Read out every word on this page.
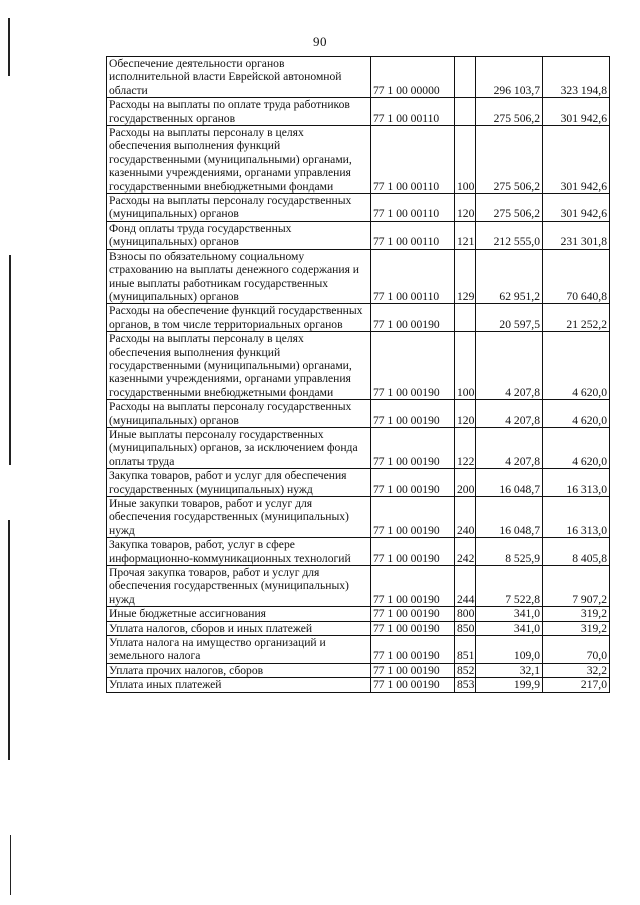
90
Обеспечение деятельности органов исполнительной власти Еврейской автономной области	77 1 00 00000		296 103,7	323 194,8
Расходы на выплаты по оплате труда работников государственных органов	77 1 00 00110		275 506,2	301 942,6
Расходы на выплаты персоналу в целях обеспечения выполнения функций государственными (муниципальными) органами, казенными учреждениями, органами управления государственными внебюджетными фондами	77 1 00 00110	100	275 506,2	301 942,6
Расходы на выплаты персоналу государственных (муниципальных) органов	77 1 00 00110	120	275 506,2	301 942,6
Фонд оплаты труда государственных (муниципальных) органов	77 1 00 00110	121	212 555,0	231 301,8
Взносы по обязательному социальному страхованию на выплаты денежного содержания и иные выплаты работникам государственных (муниципальных) органов	77 1 00 00110	129	62 951,2	70 640,8
Расходы на обеспечение функций государственных органов, в том числе территориальных органов	77 1 00 00190		20 597,5	21 252,2
Расходы на выплаты персоналу в целях обеспечения выполнения функций государственными (муниципальными) органами, казенными учреждениями, органами управления государственными внебюджетными фондами	77 1 00 00190	100	4 207,8	4 620,0
Расходы на выплаты персоналу государственных (муниципальных) органов	77 1 00 00190	120	4 207,8	4 620,0
Иные выплаты персоналу государственных (муниципальных) органов, за исключением фонда оплаты труда	77 1 00 00190	122	4 207,8	4 620,0
Закупка товаров, работ и услуг для обеспечения государственных (муниципальных) нужд	77 1 00 00190	200	16 048,7	16 313,0
Иные закупки товаров, работ и услуг для обеспечения государственных (муниципальных) нужд	77 1 00 00190	240	16 048,7	16 313,0
Закупка товаров, работ, услуг в сфере информационно-коммуникационных технологий	77 1 00 00190	242	8 525,9	8 405,8
Прочая закупка товаров, работ и услуг для обеспечения государственных (муниципальных) нужд	77 1 00 00190	244	7 522,8	7 907,2
Иные бюджетные ассигнования	77 1 00 00190	800	341,0	319,2
Уплата налогов, сборов и иных платежей	77 1 00 00190	850	341,0	319,2
Уплата налога на имущество организаций и земельного налога	77 1 00 00190	851	109,0	70,0
Уплата прочих налогов, сборов	77 1 00 00190	852	32,1	32,2
Уплата иных платежей	77 1 00 00190	853	199,9	217,0
